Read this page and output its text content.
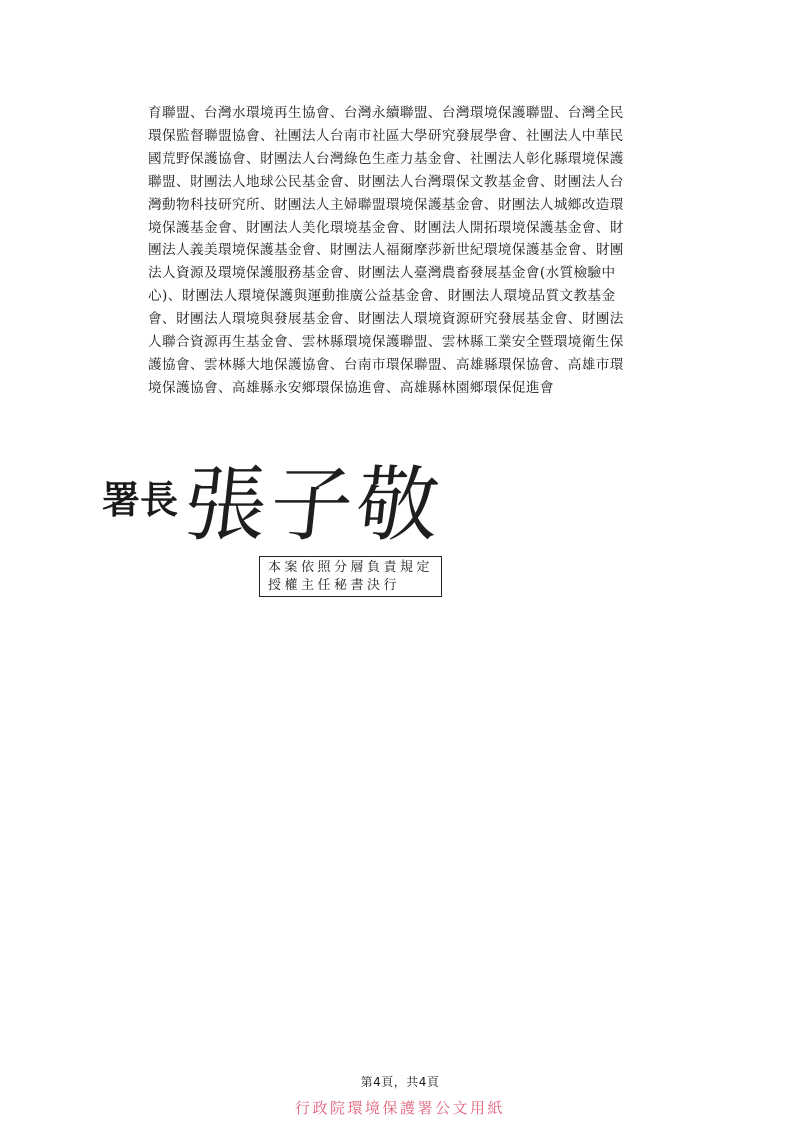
育聯盟、台灣水環境再生協會、台灣永續聯盟、台灣環境保護聯盟、台灣全民
環保監督聯盟協會、社團法人台南市社區大學研究發展學會、社團法人中華民
國荒野保護協會、財團法人台灣綠色生產力基金會、社團法人彰化縣環境保護
聯盟、財團法人地球公民基金會、財團法人台灣環保文教基金會、財團法人台
灣動物科技研究所、財團法人主婦聯盟環境保護基金會、財團法人城鄉改造環
境保護基金會、財團法人美化環境基金會、財團法人開拓環境保護基金會、財
團法人義美環境保護基金會、財團法人福爾摩莎新世紀環境保護基金會、財團
法人資源及環境保護服務基金會、財團法人臺灣農畜發展基金會(水質檢驗中
心)、財團法人環境保護與運動推廣公益基金會、財團法人環境品質文教基金
會、財團法人環境與發展基金會、財團法人環境資源研究發展基金會、財團法
人聯合資源再生基金會、雲林縣環境保護聯盟、雲林縣工業安全暨環境衛生保
護協會、雲林縣大地保護協會、台南市環保聯盟、高雄縣環保協會、高雄市環
境保護協會、高雄縣永安鄉環保協進會、高雄縣林園鄉環保促進會

署長 張子敬
本案依照分層負責規定
授權主任秘書決行
第4頁，共4頁
行政院環境保護署公文用紙
